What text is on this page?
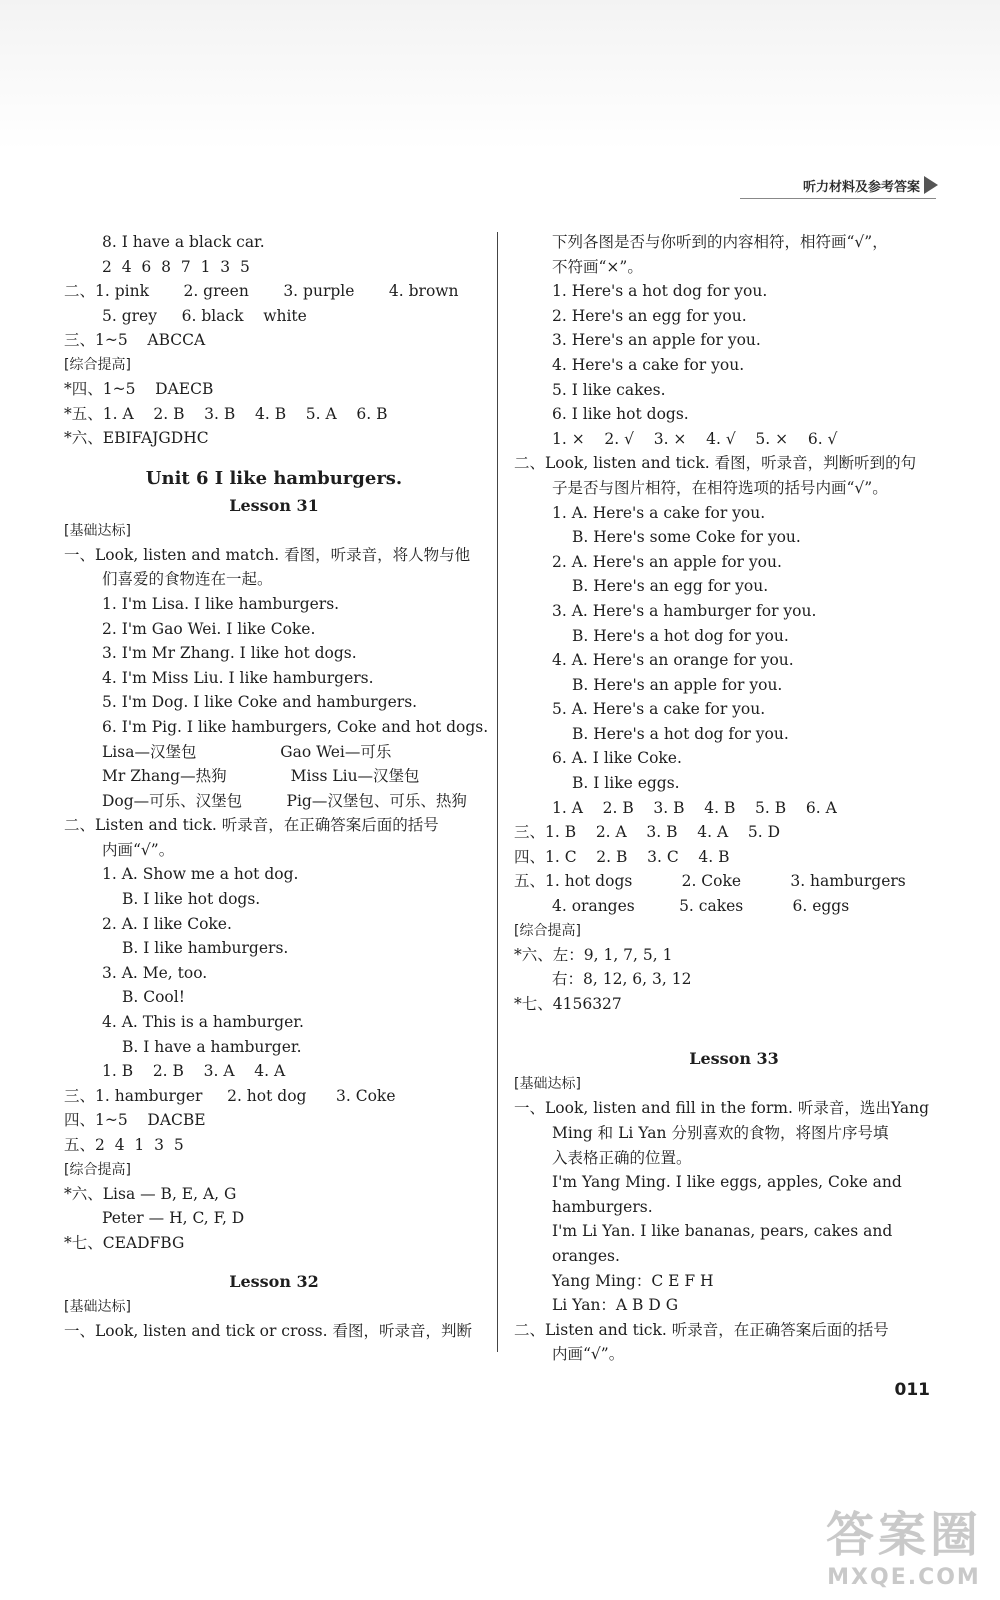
听力材料及参考答案
8. I have a black car.
2  4  6  8  7  1  3  5
二、1. pink       2. green       3. purple       4. brown
5. grey     6. black    white
三、1~5    ABCCA
[综合提高]
*四、1~5    DAECB
*五、1. A    2. B    3. B    4. B    5. A    6. B
*六、EBIFAJGDHC
Unit 6 I like hamburgers.
Lesson 31
[基础达标]
一、Look, listen and match. 看图，听录音，将人物与他
们喜爱的食物连在一起。
1. I'm Lisa. I like hamburgers.
2. I'm Gao Wei. I like Coke.
3. I'm Mr Zhang. I like hot dogs.
4. I'm Miss Liu. I like hamburgers.
5. I'm Dog. I like Coke and hamburgers.
6. I'm Pig. I like hamburgers, Coke and hot dogs.
Lisa—汉堡包                 Gao Wei—可乐
Mr Zhang—热狗             Miss Liu—汉堡包
Dog—可乐、汉堡包         Pig—汉堡包、可乐、热狗
二、Listen and tick. 听录音，在正确答案后面的括号
内画“√”。
1. A. Show me a hot dog.
B. I like hot dogs.
2. A. I like Coke.
B. I like hamburgers.
3. A. Me, too.
B. Cool!
4. A. This is a hamburger.
B. I have a hamburger.
1. B    2. B    3. A    4. A
三、1. hamburger     2. hot dog      3. Coke
四、1~5    DACBE
五、2  4  1  3  5
[综合提高]
*六、Lisa — B, E, A, G
Peter — H, C, F, D
*七、CEADFBG
Lesson 32
[基础达标]
一、Look, listen and tick or cross. 看图，听录音，判断
下列各图是否与你听到的内容相符，相符画“√”，
不符画“×”。
1. Here's a hot dog for you.
2. Here's an egg for you.
3. Here's an apple for you.
4. Here's a cake for you.
5. I like cakes.
6. I like hot dogs.
1. ×    2. √    3. ×    4. √    5. ×    6. √
二、Look, listen and tick. 看图，听录音，判断听到的句
子是否与图片相符，在相符选项的括号内画“√”。
1. A. Here's a cake for you.
B. Here's some Coke for you.
2. A. Here's an apple for you.
B. Here's an egg for you.
3. A. Here's a hamburger for you.
B. Here's a hot dog for you.
4. A. Here's an orange for you.
B. Here's an apple for you.
5. A. Here's a cake for you.
B. Here's a hot dog for you.
6. A. I like Coke.
B. I like eggs.
1. A    2. B    3. B    4. B    5. B    6. A
三、1. B    2. A    3. B    4. A    5. D
四、1. C    2. B    3. C    4. B
五、1. hot dogs          2. Coke          3. hamburgers
4. oranges         5. cakes          6. eggs
[综合提高]
*六、左：9, 1, 7, 5, 1
右：8, 12, 6, 3, 12
*七、4156327
Lesson 33
[基础达标]
一、Look, listen and fill in the form. 听录音，选出Yang
Ming 和 Li Yan 分别喜欢的食物，将图片序号填
入表格正确的位置。
I'm Yang Ming. I like eggs, apples, Coke and
hamburgers.
I'm Li Yan. I like bananas, pears, cakes and
oranges.
Yang Ming：C E F H
Li Yan：A B D G
二、Listen and tick. 听录音，在正确答案后面的括号
内画“√”。
011
答案圈
MXQE.COM
